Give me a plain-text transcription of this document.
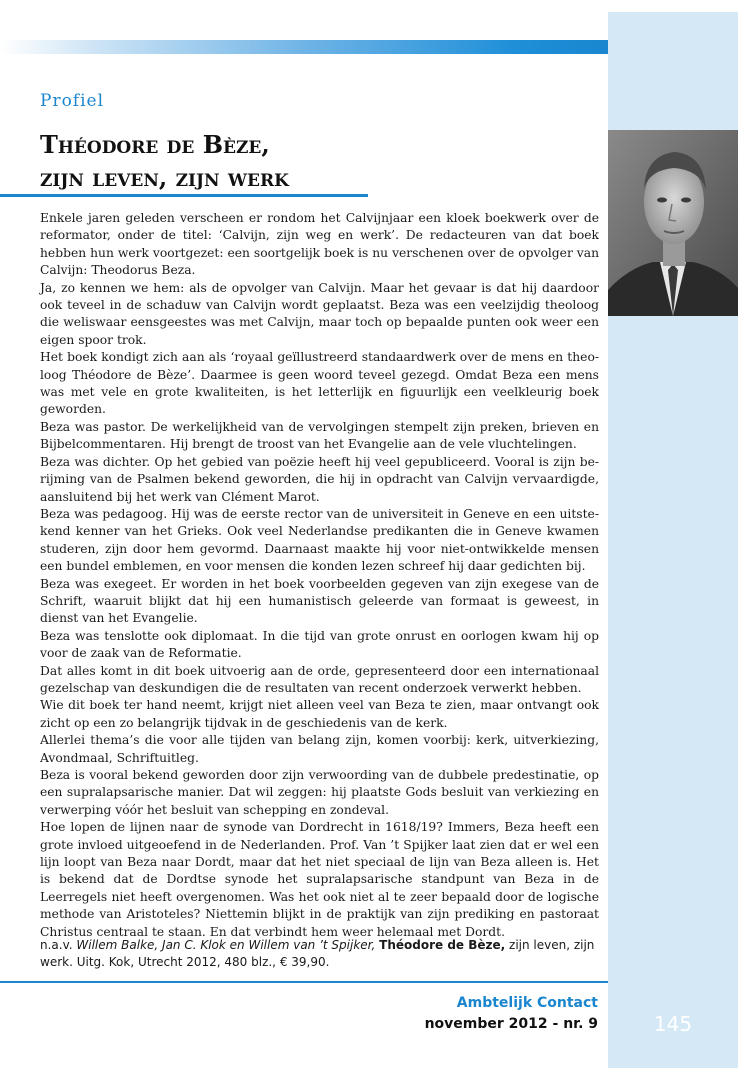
Profiel
Théodore de Bèze,
zijn leven, zijn werk

Enkele jaren geleden verscheen er rondom het Calvijnjaar een kloek boekwerk over de reformator, onder de titel: ‘Calvijn, zijn weg en werk’. De redacteuren van dat boek hebben hun werk voortgezet: een soortgelijk boek is nu verschenen over de opvolger van Calvijn: Theodorus Beza.

Ja, zo kennen we hem: als de opvolger van Calvijn. Maar het gevaar is dat hij daardoor ook teveel in de schaduw van Calvijn wordt geplaatst. Beza was een veelzijdig theoloog die weliswaar eensgeestes was met Calvijn, maar toch op bepaalde punten ook weer een eigen spoor trok.

Het boek kondigt zich aan als ‘royaal geïllustreerd standaardwerk over de mens en theoloog Théodore de Bèze’. Daarmee is geen woord teveel gezegd. Omdat Beza een mens was met vele en grote kwaliteiten, is het letterlijk en figuurlijk een veelkleurig boek geworden.

Beza was pastor. De werkelijkheid van de vervolgingen stempelt zijn preken, brieven en Bijbelcommentaren. Hij brengt de troost van het Evangelie aan de vele vluchtelingen.

Beza was dichter. Op het gebied van poëzie heeft hij veel gepubliceerd. Vooral is zijn berijming van de Psalmen bekend geworden, die hij in opdracht van Calvijn vervaardigde, aansluitend bij het werk van Clément Marot.

Beza was pedagoog. Hij was de eerste rector van de universiteit in Geneve en een uitstekend kenner van het Grieks. Ook veel Nederlandse predikanten die in Geneve kwamen studeren, zijn door hem gevormd. Daarnaast maakte hij voor niet-ontwikkelde mensen een bundel emblemen, en voor mensen die konden lezen schreef hij daar gedichten bij.

Beza was exegeet. Er worden in het boek voorbeelden gegeven van zijn exegese van de Schrift, waaruit blijkt dat hij een humanistisch geleerde van formaat is geweest, in dienst van het Evangelie.

Beza was tenslotte ook diplomaat. In die tijd van grote onrust en oorlogen kwam hij op voor de zaak van de Reformatie.

Dat alles komt in dit boek uitvoerig aan de orde, gepresenteerd door een internationaal gezelschap van deskundigen die de resultaten van recent onderzoek verwerkt hebben.

Wie dit boek ter hand neemt, krijgt niet alleen veel van Beza te zien, maar ontvangt ook zicht op een zo belangrijk tijdvak in de geschiedenis van de kerk.

Allerlei thema’s die voor alle tijden van belang zijn, komen voorbij: kerk, uitverkiezing, Avondmaal, Schriftuitleg.

Beza is vooral bekend geworden door zijn verwoording van de dubbele predestinatie, op een supralapsarische manier. Dat wil zeggen: hij plaatste Gods besluit van verkiezing en verwerping vóór het besluit van schepping en zondeval.

Hoe lopen de lijnen naar de synode van Dordrecht in 1618/19? Immers, Beza heeft een grote invloed uitgeoefend in de Nederlanden. Prof. Van ’t Spijker laat zien dat er wel een lijn loopt van Beza naar Dordt, maar dat het niet speciaal de lijn van Beza alleen is. Het is bekend dat de Dordtse synode het supralapsarische standpunt van Beza in de Leerregels niet heeft overgenomen. Was het ook niet al te zeer bepaald door de logische methode van Aristoteles? Niettemin blijkt in de praktijk van zijn prediking en pastoraat Christus centraal te staan. En dat verbindt hem weer helemaal met Dordt.

n.a.v. Willem Balke, Jan C. Klok en Willem van ’t Spijker, Théodore de Bèze, zijn leven, zijn werk. Uitg. Kok, Utrecht 2012, 480 blz., € 39,90.

Ambtelijk Contact
november 2012 - nr. 9	145
